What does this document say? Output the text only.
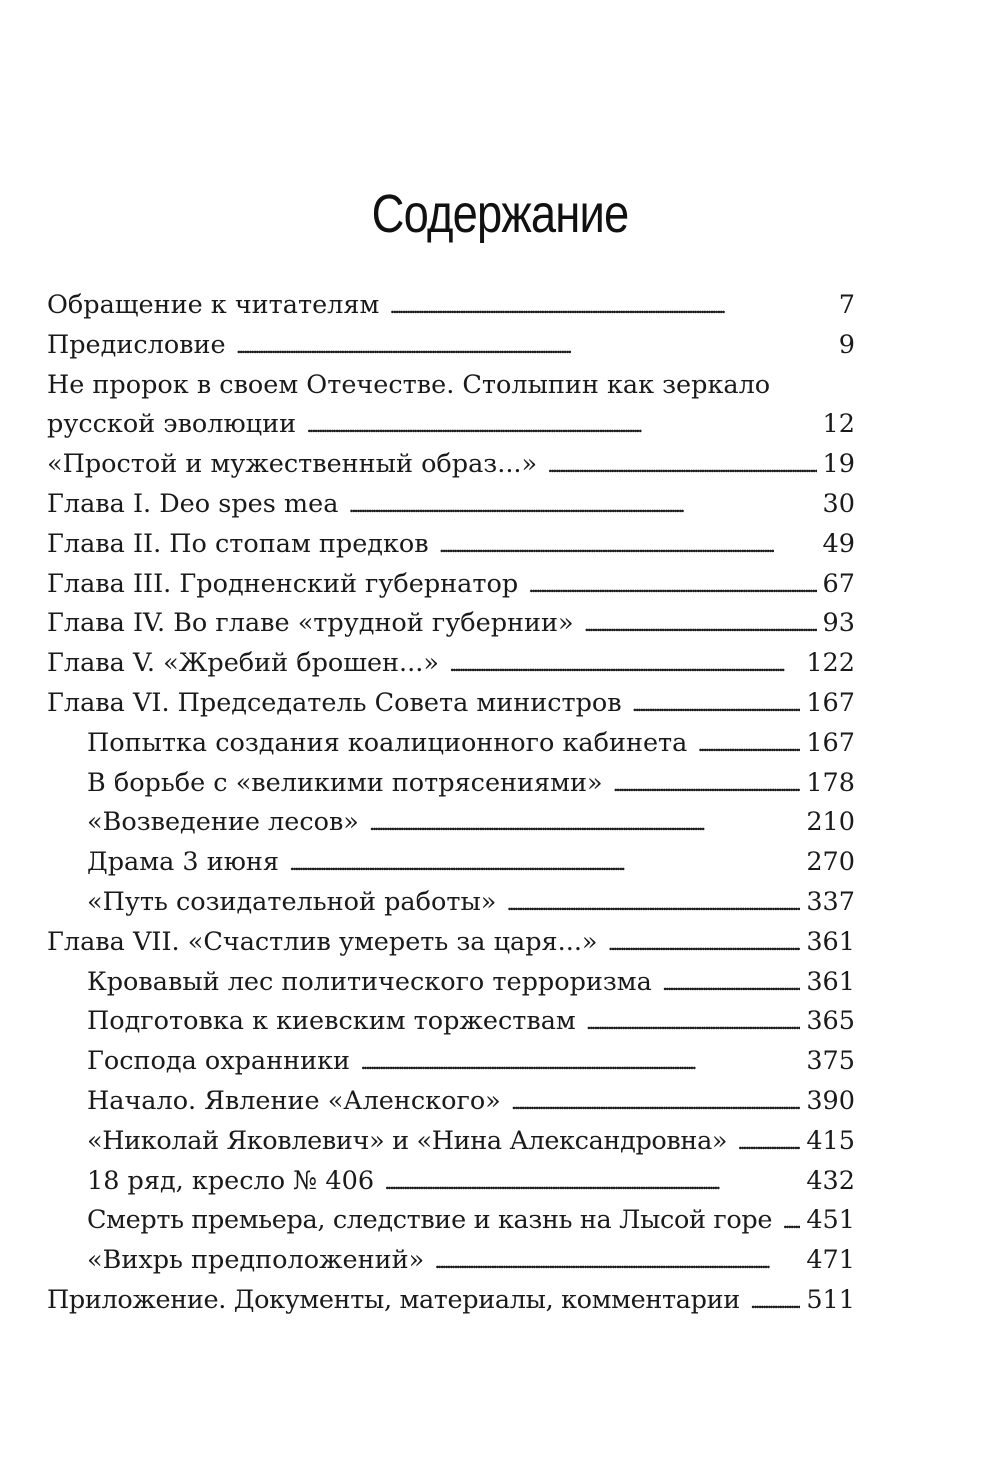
Содержание
Обращение к читателям . . .	7
Предисловие . . .	9
Не пророк в своем Отечестве. Столыпин как зеркало
русской эволюции . . .	12
«Простой и мужественный образ...» . . .	19
Глава I. Deo spes mea . . .	30
Глава II. По стопам предков . . .	49
Глава III. Гродненский губернатор . . .	67
Глава IV. Во главе «трудной губернии» . . .	93
Глава V. «Жребий брошен...» . . .	122
Глава VI. Председатель Совета министров . . .	167
Попытка создания коалиционного кабинета . . .	167
В борьбе с «великими потрясениями» . . .	178
«Возведение лесов» . . .	210
Драма 3 июня . . .	270
«Путь созидательной работы» . . .	337
Глава VII. «Счастлив умереть за царя...» . . .	361
Кровавый лес политического терроризма . . .	361
Подготовка к киевским торжествам . . .	365
Господа охранники . . .	375
Начало. Явление «Аленского» . . .	390
«Николай Яковлевич» и «Нина Александровна» . . .	415
18 ряд, кресло № 406 . . .	432
Смерть премьера, следствие и казнь на Лысой горе . . . 451
«Вихрь предположений» . . .	471
Приложение. Документы, материалы, комментарии . . .	511
